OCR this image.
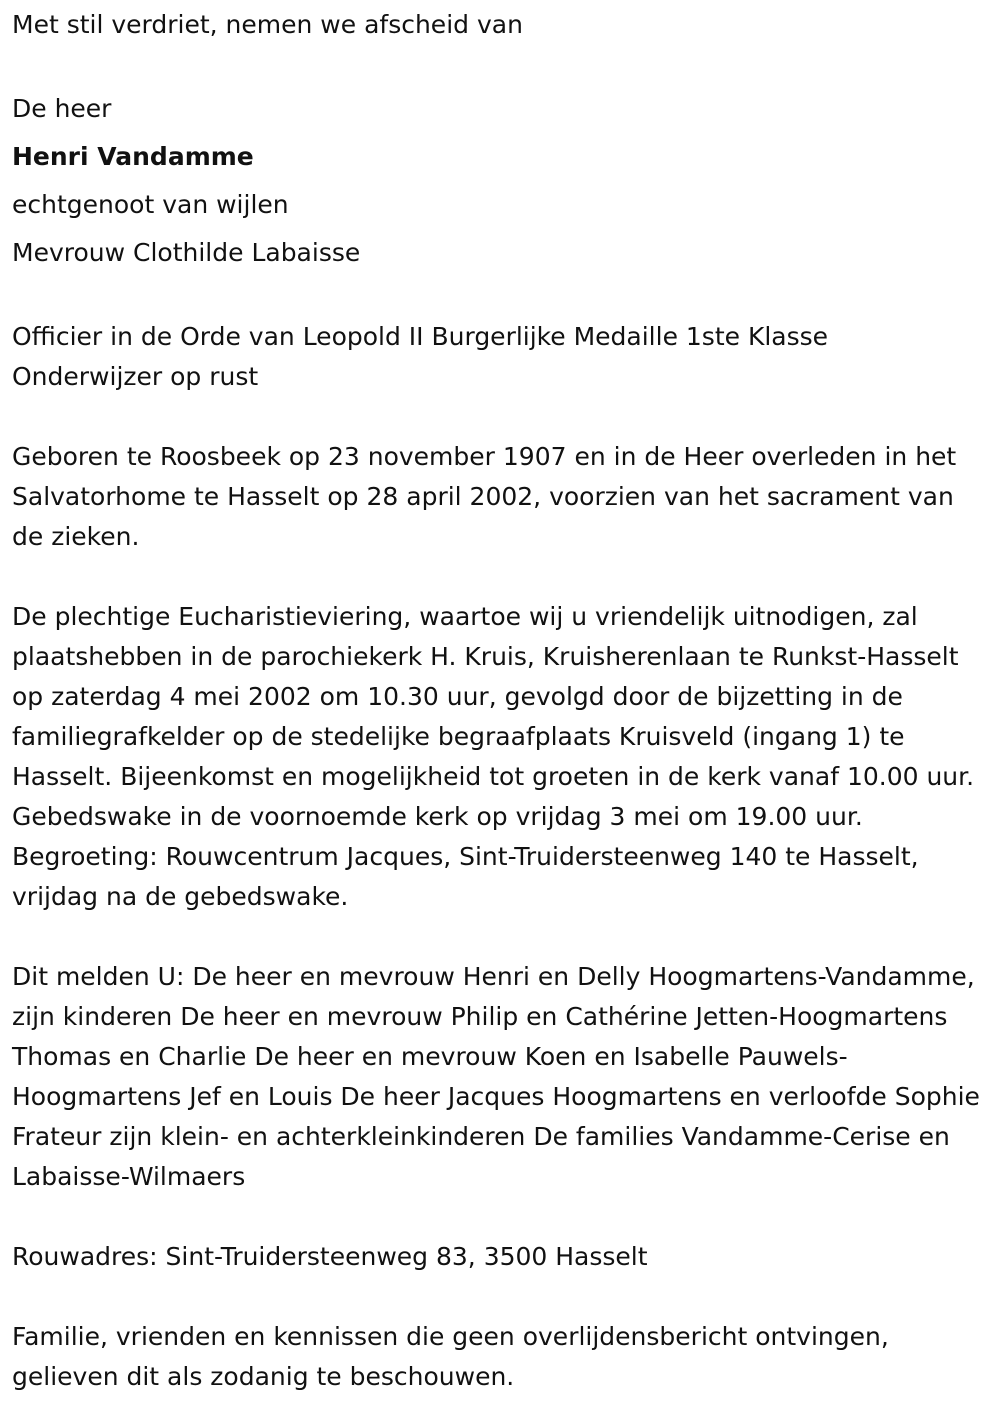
Met stil verdriet, nemen we afscheid van

De heer

Henri Vandamme

echtgenoot van wijlen

Mevrouw Clothilde Labaisse

Officier in de Orde van Leopold II Burgerlijke Medaille 1ste Klasse

Onderwijzer op rust

Geboren te Roosbeek op 23 november 1907 en in de Heer overleden in het Salvatorhome te Hasselt op 28 april 2002, voorzien van het sacrament van de zieken.

De plechtige Eucharistieviering, waartoe wij u vriendelijk uitnodigen, zal plaatshebben in de parochiekerk H. Kruis, Kruisherenlaan te Runkst-Hasselt op zaterdag 4 mei 2002 om 10.30 uur, gevolgd door de bijzetting in de familiegrafkelder op de stedelijke begraafplaats Kruisveld (ingang 1) te Hasselt. Bijeenkomst en mogelijkheid tot groeten in de kerk vanaf 10.00 uur. Gebedswake in de voornoemde kerk op vrijdag 3 mei om 19.00 uur. Begroeting: Rouwcentrum Jacques, Sint-Truidersteenweg 140 te Hasselt, vrijdag na de gebedswake.

Dit melden U: De heer en mevrouw Henri en Delly Hoogmartens-Vandamme, zijn kinderen De heer en mevrouw Philip en Cathérine Jetten-Hoogmartens Thomas en Charlie De heer en mevrouw Koen en Isabelle Pauwels-Hoogmartens Jef en Louis De heer Jacques Hoogmartens en verloofde Sophie Frateur zijn klein- en achterkleinkinderen De families Vandamme-Cerise en Labaisse-Wilmaers

Rouwadres: Sint-Truidersteenweg 83, 3500 Hasselt

Familie, vrienden en kennissen die geen overlijdensbericht ontvingen, gelieven dit als zodanig te beschouwen.
